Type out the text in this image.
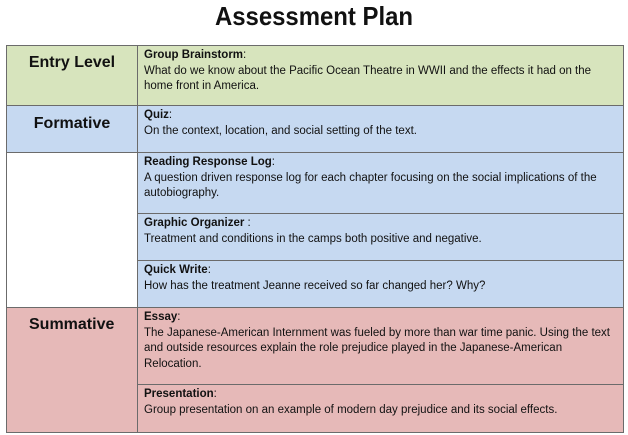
Assessment Plan
Entry Level
Formative
Summative
Group Brainstorm:
What do we know about the Pacific Ocean Theatre in WWII and the effects it had on the home front in America.
Quiz:
On the context, location, and social setting of the text.
Reading Response Log:
A question driven response log for each chapter focusing on the social implications of the autobiography.
Graphic Organizer :
Treatment and conditions in the camps both positive and negative.
Quick Write:
How has the treatment Jeanne received so far changed her? Why?
Essay:
The Japanese-American Internment was fueled by more than war time panic. Using the text and outside resources explain the role prejudice played in the Japanese-American Relocation.
Presentation:
Group presentation on an example of modern day prejudice and its social effects.
